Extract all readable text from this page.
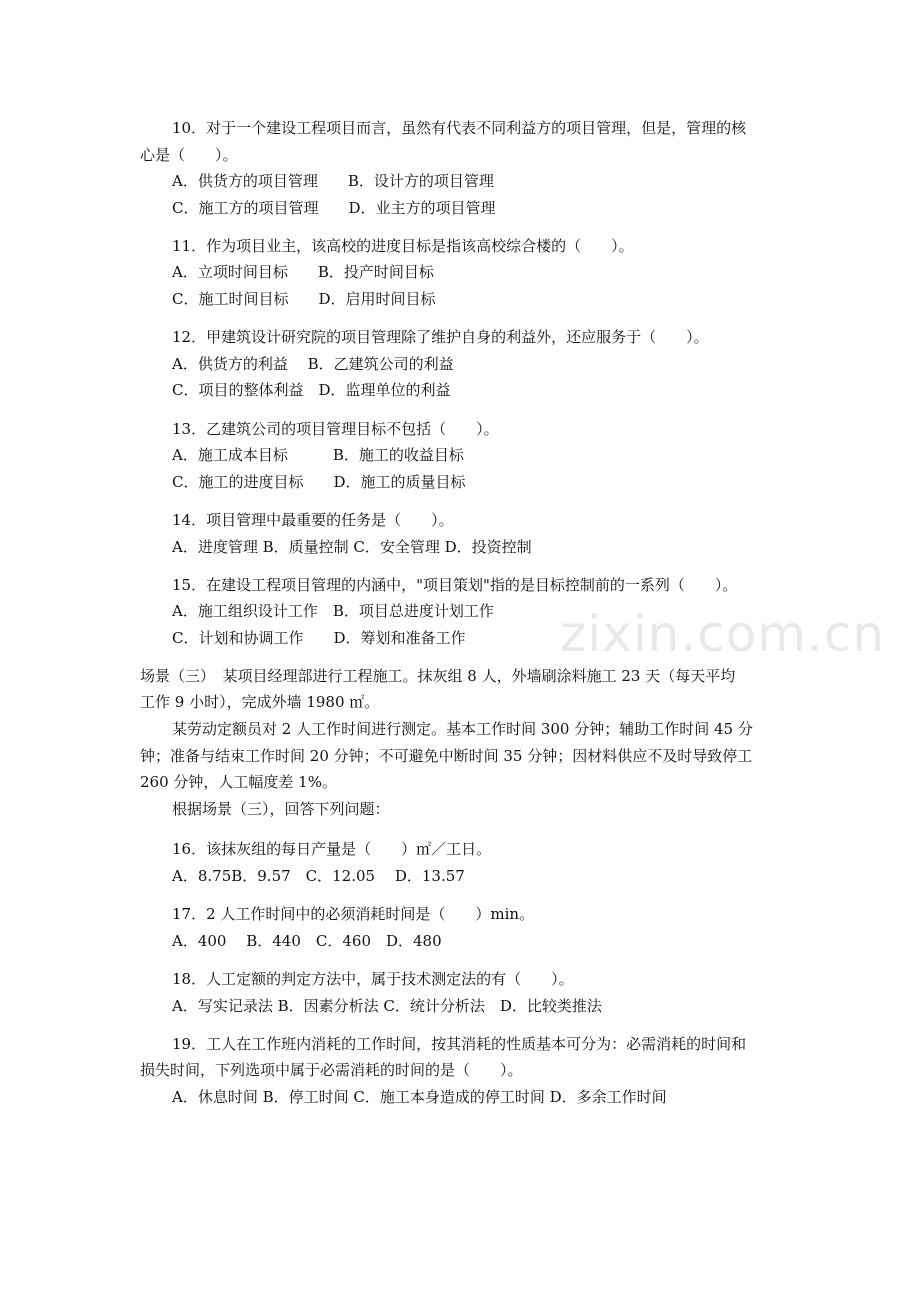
zixin.com.cn
10．对于一个建设工程项目而言，虽然有代表不同利益方的项目管理，但是，管理的核
心是（　　）。
A．供货方的项目管理　　B．设计方的项目管理
C．施工方的项目管理　　D．业主方的项目管理
11．作为项目业主，该高校的进度目标是指该高校综合楼的（　　）。
A．立项时间目标　　B．投产时间目标
C．施工时间目标　　D．启用时间目标
12．甲建筑设计研究院的项目管理除了维护自身的利益外，还应服务于（　　）。
A．供货方的利益　 B．乙建筑公司的利益
C．项目的整体利益　D．监理单位的利益
13．乙建筑公司的项目管理目标不包括（　　）。
A．施工成本目标　　　B．施工的收益目标
C．施工的进度目标　　D．施工的质量目标
14．项目管理中最重要的任务是（　　）。
A．进度管理 B．质量控制 C．安全管理 D．投资控制
15．在建设工程项目管理的内涵中，"项目策划"指的是目标控制前的一系列（　　）。
A．施工组织设计工作　B．项目总进度计划工作
C．计划和协调工作　　D．筹划和准备工作
场景（三）　某项目经理部进行工程施工。抹灰组 8 人，外墙刷涂料施工 23 天（每天平均
工作 9 小时），完成外墙 1980 ㎡。
某劳动定额员对 2 人工作时间进行测定。基本工作时间 300 分钟；辅助工作时间 45 分
钟；准备与结束工作时间 20 分钟；不可避免中断时间 35 分钟；因材料供应不及时导致停工
260 分钟，人工幅度差 1%。
根据场景（三），回答下列问题：
16．该抹灰组的每日产量是（　　）㎡／工日。
A．8.75B．9.57　C．12.05　 D．13.57
17．2 人工作时间中的必须消耗时间是（　　）min。
A．400　 B．440　C．460　D．480
18．人工定额的判定方法中，属于技术测定法的有（　　）。
A．写实记录法 B．因素分析法 C．统计分析法　D．比较类推法
19．工人在工作班内消耗的工作时间，按其消耗的性质基本可分为：必需消耗的时间和
损失时间，下列选项中属于必需消耗的时间的是（　　）。
A．休息时间 B．停工时间 C．施工本身造成的停工时间 D．多余工作时间
